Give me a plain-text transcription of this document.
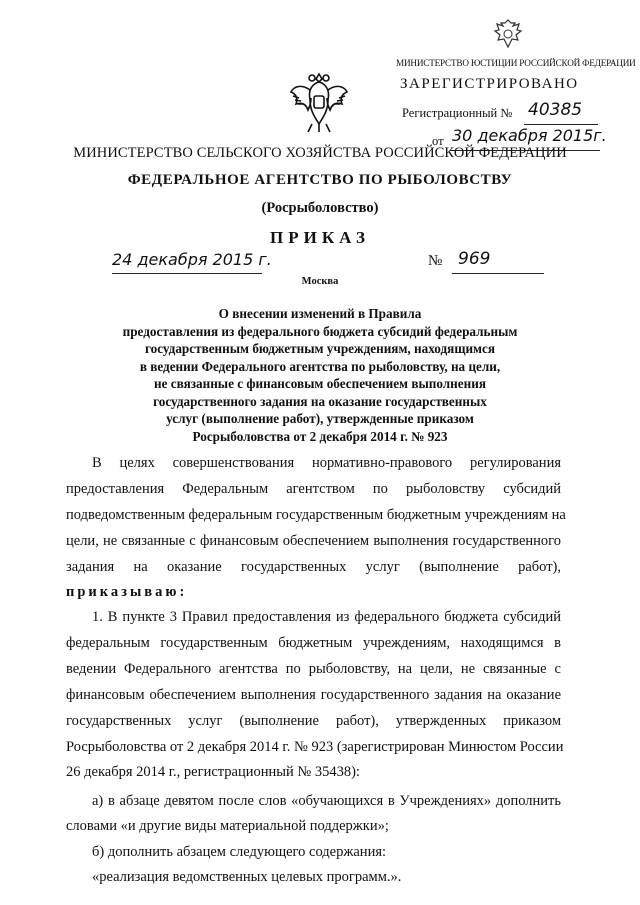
МИНИСТЕРСТВО ЮСТИЦИИ РОССИЙСКОЙ ФЕДЕРАЦИИ
ЗАРЕГИСТРИРОВАНО
Регистрационный № 40385
от 30 декабря 2015г.
МИНИСТЕРСТВО СЕЛЬСКОГО ХОЗЯЙСТВА РОССИЙСКОЙ ФЕДЕРАЦИИ
ФЕДЕРАЛЬНОЕ АГЕНТСТВО ПО РЫБОЛОВСТВУ
(Росрыболовство)
ПРИКАЗ
24 декабря 2015 г.	№ 969
Москва
О внесении изменений в Правила
предоставления из федерального бюджета субсидий федеральным
государственным бюджетным учреждениям, находящимся
в ведении Федерального агентства по рыболовству, на цели,
не связанные с финансовым обеспечением выполнения
государственного задания на оказание государственных
услуг (выполнение работ), утвержденные приказом
Росрыболовства от 2 декабря 2014 г. № 923
В целях совершенствования нормативно-правового регулирования
предоставления Федеральным агентством по рыболовству субсидий
подведомственным федеральным государственным бюджетным учреждениям на
цели, не связанные с финансовым обеспечением выполнения государственного
задания на оказание государственных услуг (выполнение работ),
приказываю:
1. В пункте 3 Правил предоставления из федерального бюджета субсидий
федеральным государственным бюджетным учреждениям, находящимся в
ведении Федерального агентства по рыболовству, на цели, не связанные с
финансовым обеспечением выполнения государственного задания на оказание
государственных услуг (выполнение работ), утвержденных приказом
Росрыболовства от 2 декабря 2014 г. № 923 (зарегистрирован Минюстом России
26 декабря 2014 г., регистрационный № 35438):
а) в абзаце девятом после слов «обучающихся в Учреждениях» дополнить
словами «и другие виды материальной поддержки»;
б) дополнить абзацем следующего содержания:
«реализация ведомственных целевых программ.».
